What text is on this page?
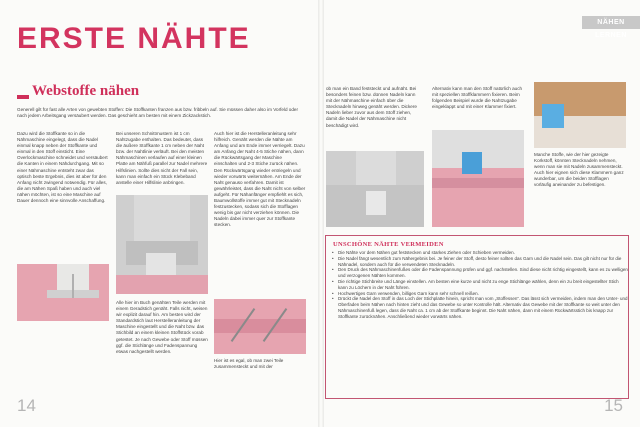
ERSTE NÄHTE
Webstoffe nähen

Generell gilt für fast alle Arten von gewebten Stoffen: Die Stoffkanten franzen aus bzw. fribbeln auf. Sie müssen daher also im Vorfeld oder nach jedem Arbeitsgang versäubert werden. Das geschieht am besten mit einem Zickzackstich.

Dazu wird die Stoffkante so in die Nähmaschine eingelegt, dass die Nadel einmal knapp neben der Stoffkante und einmal in den Stoff einsticht. Eine Overlockmaschine schneidet und versäubert die Kanten in einem Nähdurchgang. Mit so einer Nähmaschine entsteht zwar das optisch beste Ergebnis, dies ist aber für den Anfang nicht zwingend notwendig. Für alles, die am Nähen Spaß haben und auch viel nähen möchten, ist so eine Maschine auf Dauer dennoch eine sinnvolle Anschaffung.

Bei unseren Schnittmustern ist 1 cm Nahtzugabe enthalten. Das bedeutet, dass die äußere Stoffkante 1 cm neben der Naht bzw. der Nahtlinie verläuft. Bei den meisten Nähmaschinen verlaufen auf einer kleinen Platte am Nähfuß parallel zur Nadel mehrere Hilfslinien. Sollte dies nicht der Fall sein, kann man einfach ein Stück Klebeband anstelle einer Hilfslinie anbringen.

Auch hier ist die Herstelleranleitung sehr hilfreich. Genäht werden die Nähte am Anfang und am Ende immer verriegelt. Dazu am Anfang der Naht 4-5 Stiche nähen, dann die Rückwärtsgang der Maschine einschalten und 2-3 Stiche zurück nähen. Den Rückwärtsgang wieder entriegeln und wieder vorwärts weiternähen. Am Ende der Naht genauso verfahren. Damit ist gewährleistet, dass die Naht nicht von selber aufgeht. Für Nähanfänger empfiehlt es sich, Baumwollstoffe immer gut mit Stecknadeln festzustecken, sodass sich die Stofflagen wenig bis gar nicht verziehen können. Die Nadeln dabei immer quer zur Stoffkante stecken.

Alle hier im Buch genähten Teile werden mit einem Geradstich genäht. Falls nicht, weisen wir explizit darauf hin. Am besten wird der Standardstich laut Herstelleranleitung der Maschine eingestellt und die Naht bzw. das Stichbild an einem kleinen Stoffstück vorab getestet. Je nach Gewebe oder Stoff müssen ggf. die Stichlänge und Fadenspannung etwas nachgestellt werden.

Hier ist es egal, ob man zwei Teile zusammensteckt und mit der

14
NÄHEN LERNEN

ob man ein Band feststeckt und aufnäht. Bei besonders feinen bzw. dünnen Nadeln kann mit der Nähmaschine einfach über die Stecknadeln hinweg genäht werden. Dickere Nadeln lieber zuvor aus dem Stoff ziehen, damit die Nadel der Nähmaschine nicht beschädigt wird.

Alternativ kann man den Stoff natürlich auch mit speziellen Stoffklammern fixieren. Beim folgenden Beispiel wurde die Nahtzugabe eingeklappt und mit einer Klammer fixiert.

Manche Stoffe, wie der hier gezeigte Korkstoff, könnten Stecknadeln nehmen, wenn man sie mit Nadeln zusammensteckt. Auch hier eignen sich diese Klammern ganz wunderbar, um die beiden Stofflagen vorläufig aneinander zu befestigen.

UNSCHÖNE NÄHTE VERMEIDEN
• Die Nähte vor dem Nähen gut feststecken und starkes Ziehen oder Schieben vermeiden.
• Die Nadel fängt wesentlich zum Nähergebnis bei. Je feiner der Stoff, desto feiner sollten das Garn und die Nadel sein. Das gilt nicht nur für die Nähnadel, sondern auch für die verwendeten Stecknadeln.
• Den Druck des Nähmaschinenfußes oder die Fadenspannung prüfen und ggf. nachstellen. Sind diese nicht richtig eingestellt, kann es zu welligen und verzogenen Nähten kommen.
• Die richtige Stichbreite und Länge einstellen. Am besten eine kurze und nicht zu enge Stichlänge wählen, denn ein zu breit eingestellter Stich kann zu Löchern in der Naht führen.
• Hochwertiges Garn verwenden, billiges Garn kann sehr schnell reißen.
• Drückt die Nadel den Stoff in das Loch der Stichplatte hinein, spricht man vom „Stoffessen“. Das lässt sich vermeiden, indem man den Unter- und Oberfaden beim Nähen nach hinten zieht und das Gewebe so unter Kontrolle hält. Alternativ das Gewebe mit der Stoffkante so weit unter den Nähmaschinenfuß legen, dass die Naht ca. 1 cm ab der Stoffkante beginnt. Die Naht nähen, dann mit einem Rückwärtsstich bis knapp zur Stoffkante zurücknähen. Anschließend wieder vorwärts nähen.
15
